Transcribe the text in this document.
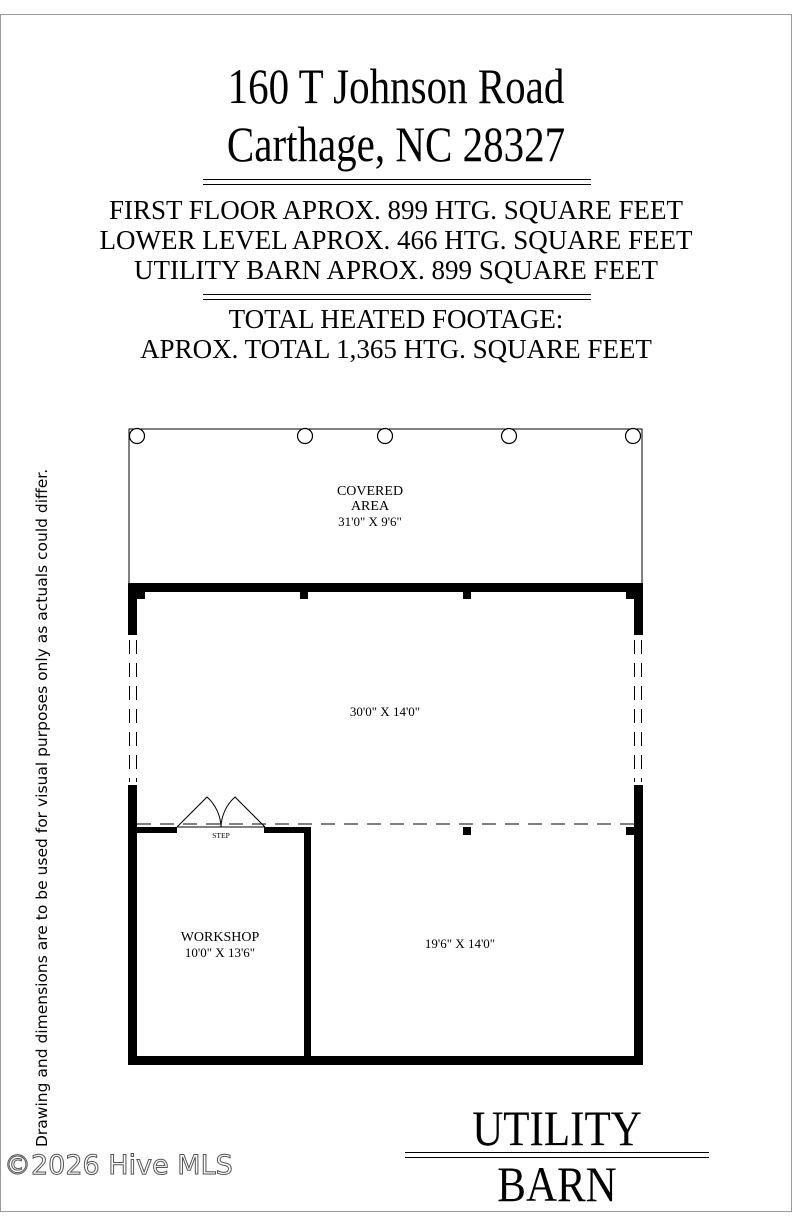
160 T Johnson Road
Carthage, NC 28327
FIRST FLOOR APROX. 899 HTG. SQUARE FEET
LOWER LEVEL APROX. 466 HTG. SQUARE FEET
UTILITY BARN APROX. 899 SQUARE FEET
TOTAL HEATED FOOTAGE:
APROX. TOTAL 1,365 HTG. SQUARE FEET
Drawing and dimensions are to be used for visual purposes only as actuals could differ.	COVERED
AREA
31'0" X 9'6"
30'0" X 14'0"
STEP
WORKSHOP
10'0" X 13'6"
19'6" X 14'0"
UTILITY BARN
©2026 Hive MLS
